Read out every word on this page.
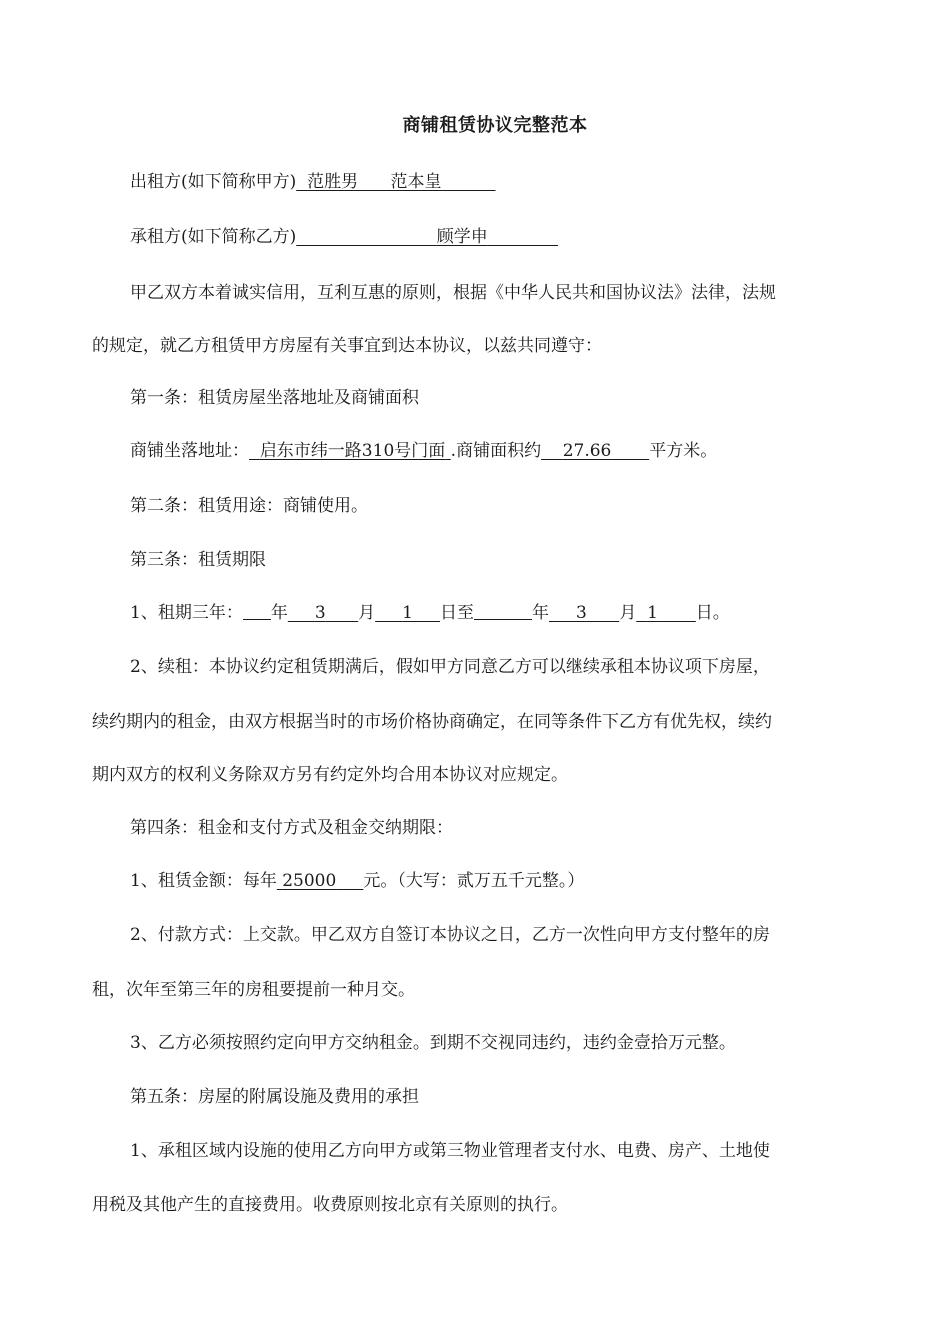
商铺租赁协议完整范本
出租方(如下简称甲方) 范胜男 范本皇
承租方(如下简称乙方)	顾学申
甲乙双方本着诚实信用，互利互惠的原则，根据《中华人民共和国协议法》法律，法规
的规定，就乙方租赁甲方房屋有关事宜到达本协议，以兹共同遵守：
第一条：租赁房屋坐落地址及商铺面积
商铺坐落地址： 启东市纬一路310号门面 .商铺面积约 27.66 平方米。
第二条：租赁用途：商铺使用。
第三条：租赁期限
1、租期三年： 年 3 月 1 日至	年 3 月 1 日。
2、续租：本协议约定租赁期满后，假如甲方同意乙方可以继续承租本协议项下房屋，
续约期内的租金，由双方根据当时的市场价格协商确定，在同等条件下乙方有优先权，续约
期内双方的权利义务除双方另有约定外均合用本协议对应规定。
第四条：租金和支付方式及租金交纳期限：
1、租赁金额：每年 25000 元。（大写：贰万五千元整。）
2、付款方式：上交款。甲乙双方自签订本协议之日，乙方一次性向甲方支付整年的房
租，次年至第三年的房租要提前一种月交。
3、乙方必须按照约定向甲方交纳租金。到期不交视同违约，违约金壹拾万元整。
第五条：房屋的附属设施及费用的承担
1、承租区域内设施的使用乙方向甲方或第三物业管理者支付水、电费、房产、土地使
用税及其他产生的直接费用。收费原则按北京有关原则的执行。
